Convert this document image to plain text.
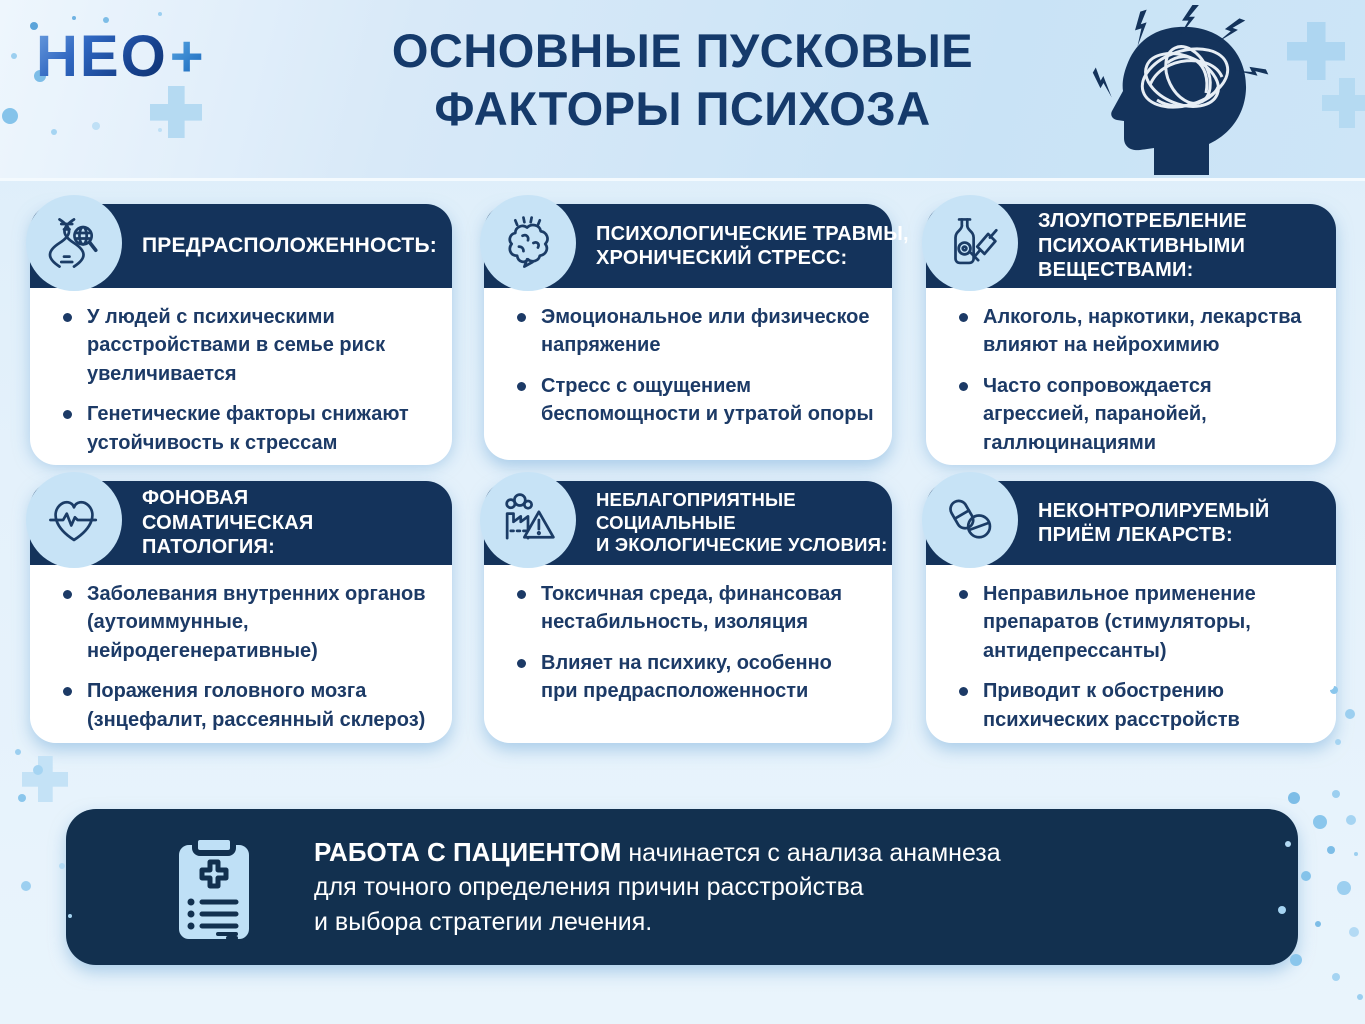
НЕО+	ОСНОВНЫЕ ПУСКОВЫЕ
ФАКТОРЫ ПСИХОЗА
ПРЕДРАСПОЛОЖЕННОСТЬ:
У людей с психическими расстройствами в семье риск увеличивается
Генетические факторы снижают устойчивость к стрессам
ПСИХОЛОГИЧЕСКИЕ ТРАВМЫ,
ХРОНИЧЕСКИЙ СТРЕСС:
Эмоциональное или физическое напряжение
Стресс с ощущением беспомощности и утратой опоры
ЗЛОУПОТРЕБЛЕНИЕ
ПСИХОАКТИВНЫМИ
ВЕЩЕСТВАМИ:
Алкоголь, наркотики, лекарства влияют на нейрохимию
Часто сопровождается агрессией, паранойей, галлюцинациями
ФОНОВАЯ
СОМАТИЧЕСКАЯ
ПАТОЛОГИЯ:
Заболевания внутренних органов (аутоиммунные, нейродегенеративные)
Поражения головного мозга (знцефалит, рассеянный склероз)
НЕБЛАГОПРИЯТНЫЕ
СОЦИАЛЬНЫЕ
И ЭКОЛОГИЧЕСКИЕ УСЛОВИЯ:
Токсичная среда, финансовая нестабильность, изоляция
Влияет на психику, особенно при предрасположенности
НЕКОНТРОЛИРУЕМЫЙ
ПРИЁМ ЛЕКАРСТВ:
Неправильное применение препаратов (стимуляторы, антидепрессанты)
Приводит к обострению психических расстройств

РАБОТА С ПАЦИЕНТОМ начинается с анализа анамнеза
для точного определения причин расстройства
и выбора стратегии лечения.
